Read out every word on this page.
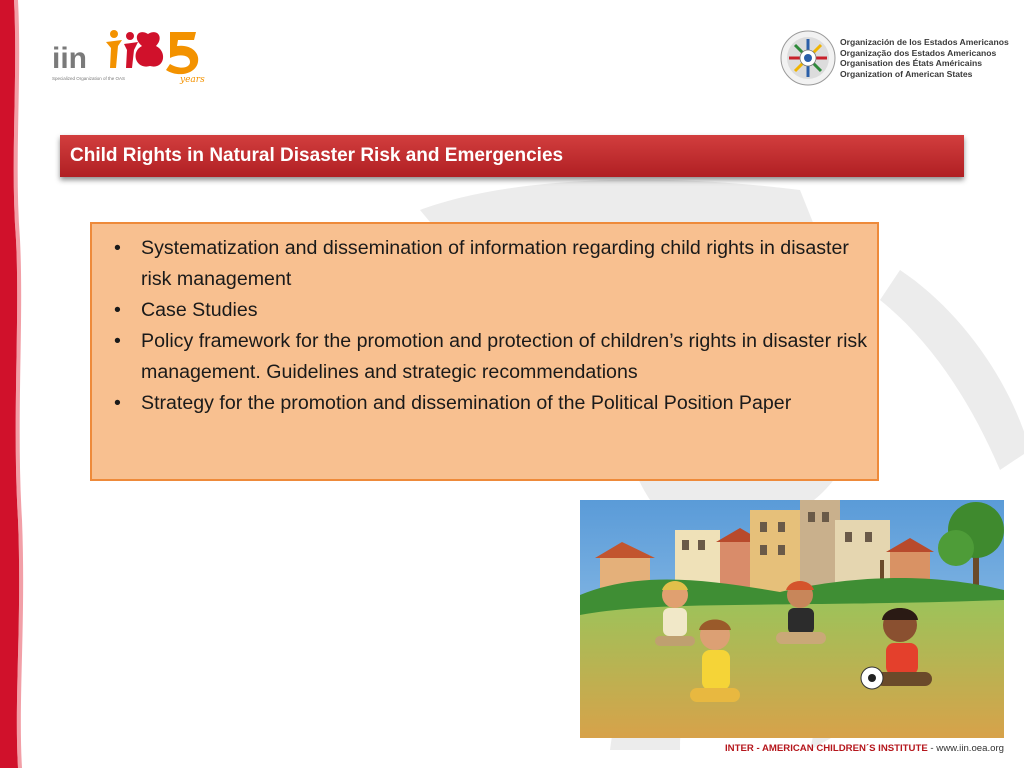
iin
years
Specialized Organization of the OAS
Organización de los Estados Americanos
Organização dos Estados Americanos
Organisation des États Américains
Organization of American States
Child Rights in Natural Disaster Risk and Emergencies
• Systematization and dissemination of information regarding child rights in disaster risk management
• Case Studies
• Policy framework for the promotion and protection of children’s rights in disaster risk management. Guidelines and strategic recommendations
• Strategy for the promotion and dissemination of the Political Position Paper
INTER - AMERICAN CHILDREN´S INSTITUTE - www.iin.oea.org
